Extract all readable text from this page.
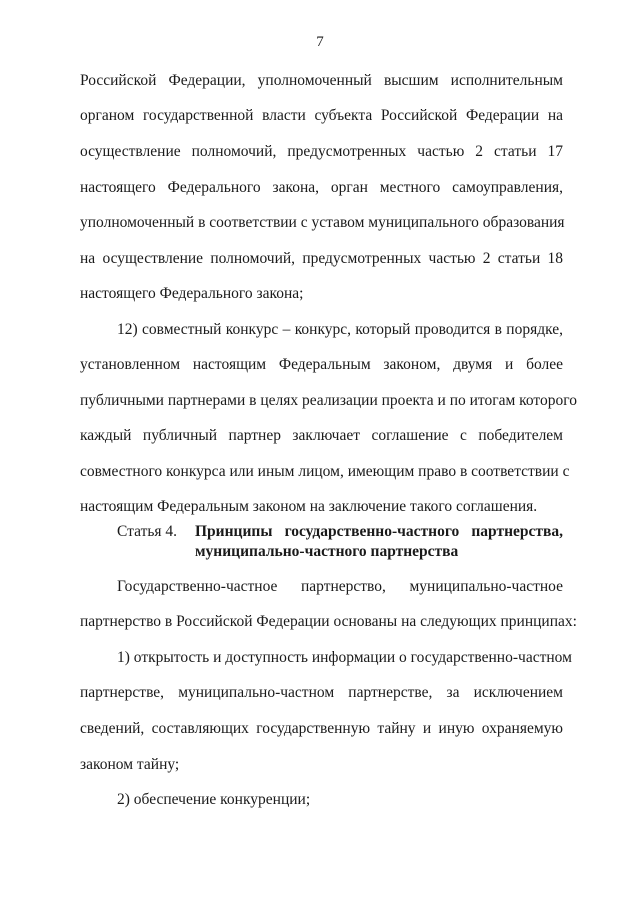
7
Российской Федерации, уполномоченный высшим исполнительным
органом государственной власти субъекта Российской Федерации на
осуществление полномочий, предусмотренных частью 2 статьи 17
настоящего Федерального закона, орган местного самоуправления,
уполномоченный в соответствии с уставом муниципального образования
на осуществление полномочий, предусмотренных частью 2 статьи 18
настоящего Федерального закона;
12) совместный конкурс – конкурс, который проводится в порядке,
установленном настоящим Федеральным законом, двумя и более
публичными партнерами в целях реализации проекта и по итогам которого
каждый публичный партнер заключает соглашение с победителем
совместного конкурса или иным лицом, имеющим право в соответствии с
настоящим Федеральным законом на заключение такого соглашения.
Статья 4. Принципы государственно-частного партнерства,
муниципально-частного партнерства
Государственно-частное партнерство, муниципально-частное
партнерство в Российской Федерации основаны на следующих принципах:
1) открытость и доступность информации о государственно-частном
партнерстве, муниципально-частном партнерстве, за исключением
сведений, составляющих государственную тайну и иную охраняемую
законом тайну;
2) обеспечение конкуренции;
